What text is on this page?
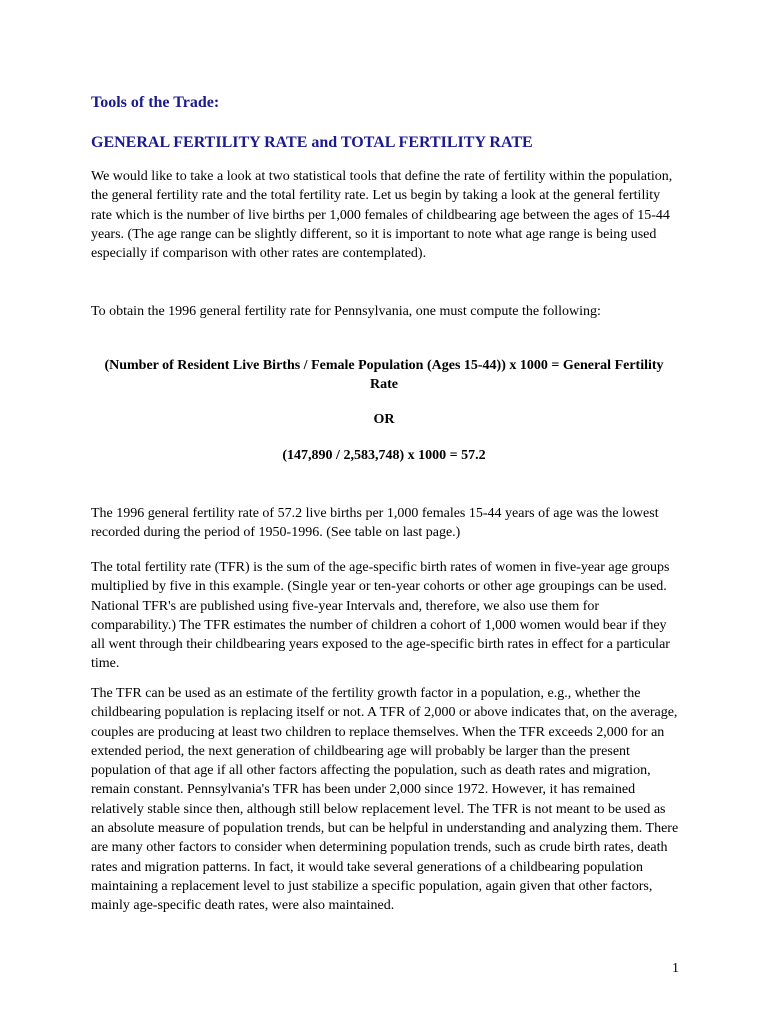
Tools of the Trade:
GENERAL FERTILITY RATE and TOTAL FERTILITY RATE

We would like to take a look at two statistical tools that define the rate of fertility within the population, the general fertility rate and the total fertility rate. Let us begin by taking a look at the general fertility rate which is the number of live births per 1,000 females of childbearing age between the ages of 15-44 years. (The age range can be slightly different, so it is important to note what age range is being used especially if comparison with other rates are contemplated).

To obtain the 1996 general fertility rate for Pennsylvania, one must compute the following:

(Number of Resident Live Births / Female Population (Ages 15-44)) x 1000 = General Fertility Rate

OR

(147,890 / 2,583,748) x 1000 = 57.2

The 1996 general fertility rate of 57.2 live births per 1,000 females 15-44 years of age was the lowest recorded during the period of 1950-1996. (See table on last page.)

The total fertility rate (TFR) is the sum of the age-specific birth rates of women in five-year age groups multiplied by five in this example. (Single year or ten-year cohorts or other age groupings can be used. National TFR's are published using five-year Intervals and, therefore, we also use them for comparability.) The TFR estimates the number of children a cohort of 1,000 women would bear if they all went through their childbearing years exposed to the age-specific birth rates in effect for a particular time.

The TFR can be used as an estimate of the fertility growth factor in a population, e.g., whether the childbearing population is replacing itself or not. A TFR of 2,000 or above indicates that, on the average, couples are producing at least two children to replace themselves. When the TFR exceeds 2,000 for an extended period, the next generation of childbearing age will probably be larger than the present population of that age if all other factors affecting the population, such as death rates and migration, remain constant. Pennsylvania's TFR has been under 2,000 since 1972. However, it has remained relatively stable since then, although still below replacement level. The TFR is not meant to be used as an absolute measure of population trends, but can be helpful in understanding and analyzing them. There are many other factors to consider when determining population trends, such as crude birth rates, death rates and migration patterns. In fact, it would take several generations of a childbearing population maintaining a replacement level to just stabilize a specific population, again given that other factors, mainly age-specific death rates, were also maintained.

1
